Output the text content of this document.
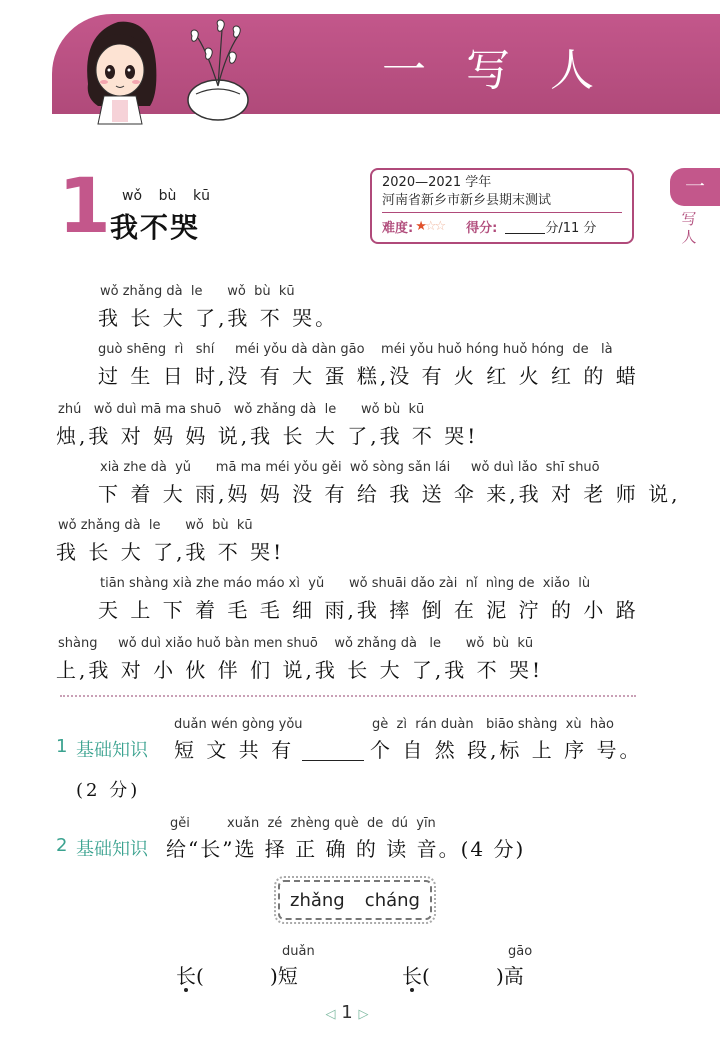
一写人
一
写
人
1 wǒ bù kū
我不哭
2020—2021 学年
河南省新乡市新乡县期末测试
难度: ★☆☆ 得分:	分/11 分
wǒ zhǎng dà  le      wǒ  bù  kū
我 长 大 了,我 不 哭。
guò shēng  rì   shí     méi yǒu dà dàn gāo    méi yǒu huǒ hóng huǒ hóng  de   là
过 生 日 时,没 有 大 蛋 糕,没 有 火 红 火 红 的 蜡
zhú   wǒ duì mā ma shuō   wǒ zhǎng dà  le      wǒ bù  kū
烛,我 对 妈 妈 说,我 长 大 了,我 不 哭!
xià zhe dà  yǔ      mā ma méi yǒu gěi  wǒ sòng sǎn lái     wǒ duì lǎo  shī shuō
下 着 大 雨,妈 妈 没 有 给 我 送 伞 来,我 对 老 师 说,
wǒ zhǎng dà  le      wǒ  bù  kū
我 长 大 了,我 不 哭!
tiān shàng xià zhe máo máo xì  yǔ      wǒ shuāi dǎo zài  nǐ  nìng de  xiǎo  lù
天 上 下 着 毛 毛 细 雨,我 摔 倒 在 泥 泞 的 小 路
shàng     wǒ duì xiǎo huǒ bàn men shuō    wǒ zhǎng dà   le      wǒ  bù  kū
上,我 对 小 伙 伴 们 说,我 长 大 了,我 不 哭!
1 基础知识
duǎn wén gòng yǒu
短 文 共 有
gè  zì  rán duàn   biāo shàng  xù  hào
个 自 然 段,标 上 序 号。
(2 分)
2 基础知识
gěi         xuǎn  zé  zhèng què  de  dú  yīn
给“长”选 择 正 确 的 读 音。(4 分)
zhǎng cháng
duǎn
长(	)短
gāo
长(	)高
◁ 1 ▷
